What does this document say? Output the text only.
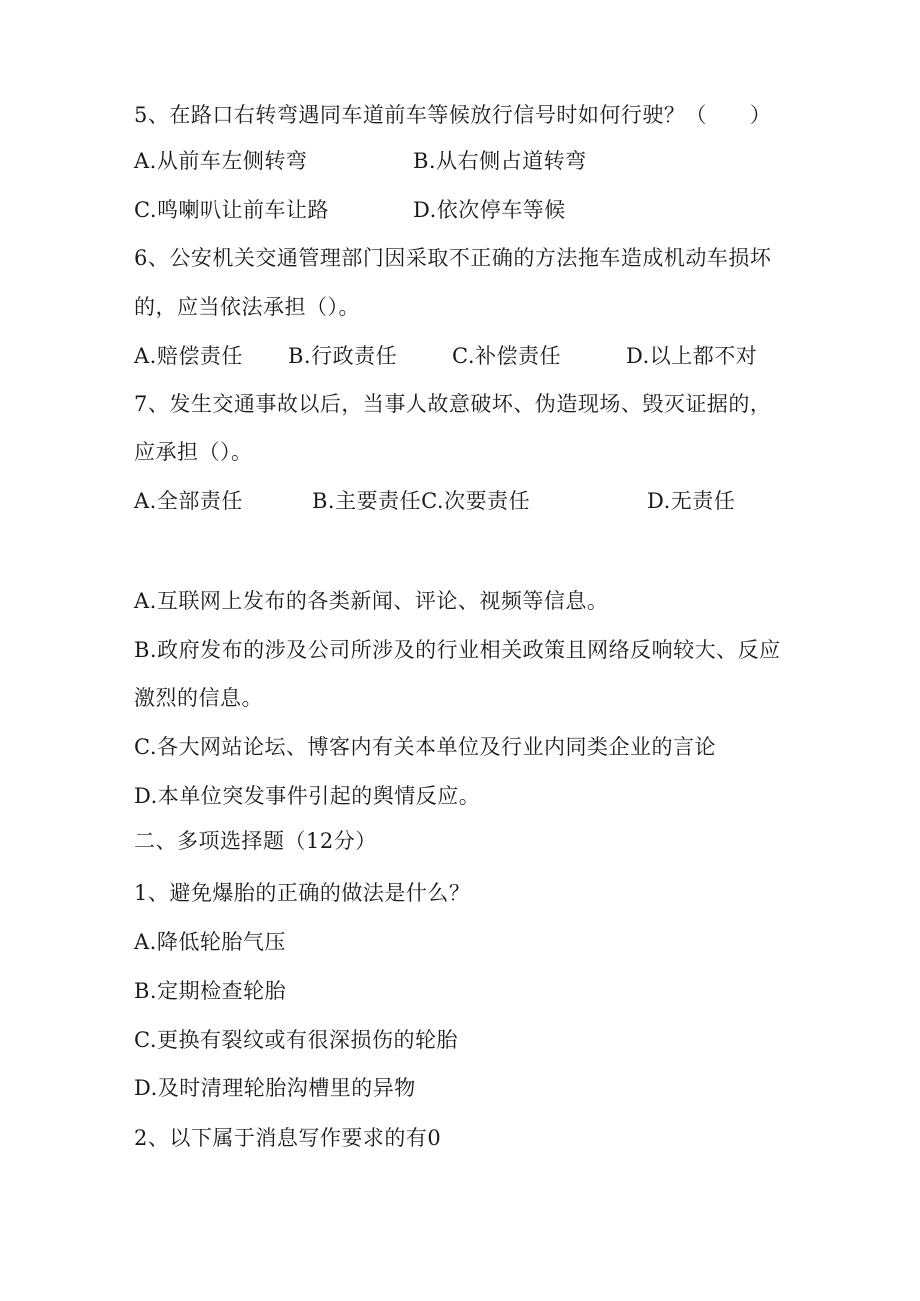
5、在路口右转弯遇同车道前车等候放行信号时如何行驶？（　　）
A.从前车左侧转弯	B.从右侧占道转弯
C.鸣喇叭让前车让路	D.依次停车等候
6、公安机关交通管理部门因采取不正确的方法拖车造成机动车损坏
的，应当依法承担（）。
A.赔偿责任 B.行政责任	C.补偿责任	D.以上都不对
7、发生交通事故以后，当事人故意破坏、伪造现场、毁灭证据的，
应承担（）。
A.全部责任	B.主要责任C.次要责任	D.无责任
A.互联网上发布的各类新闻、评论、视频等信息。
B.政府发布的涉及公司所涉及的行业相关政策且网络反响较大、反应
激烈的信息。
C.各大网站论坛、博客内有关本单位及行业内同类企业的言论
D.本单位突发事件引起的舆情反应。
二、多项选择题（12分）
1、避免爆胎的正确的做法是什么？
A.降低轮胎气压
B.定期检查轮胎
C.更换有裂纹或有很深损伤的轮胎
D.及时清理轮胎沟槽里的异物
2、以下属于消息写作要求的有0
